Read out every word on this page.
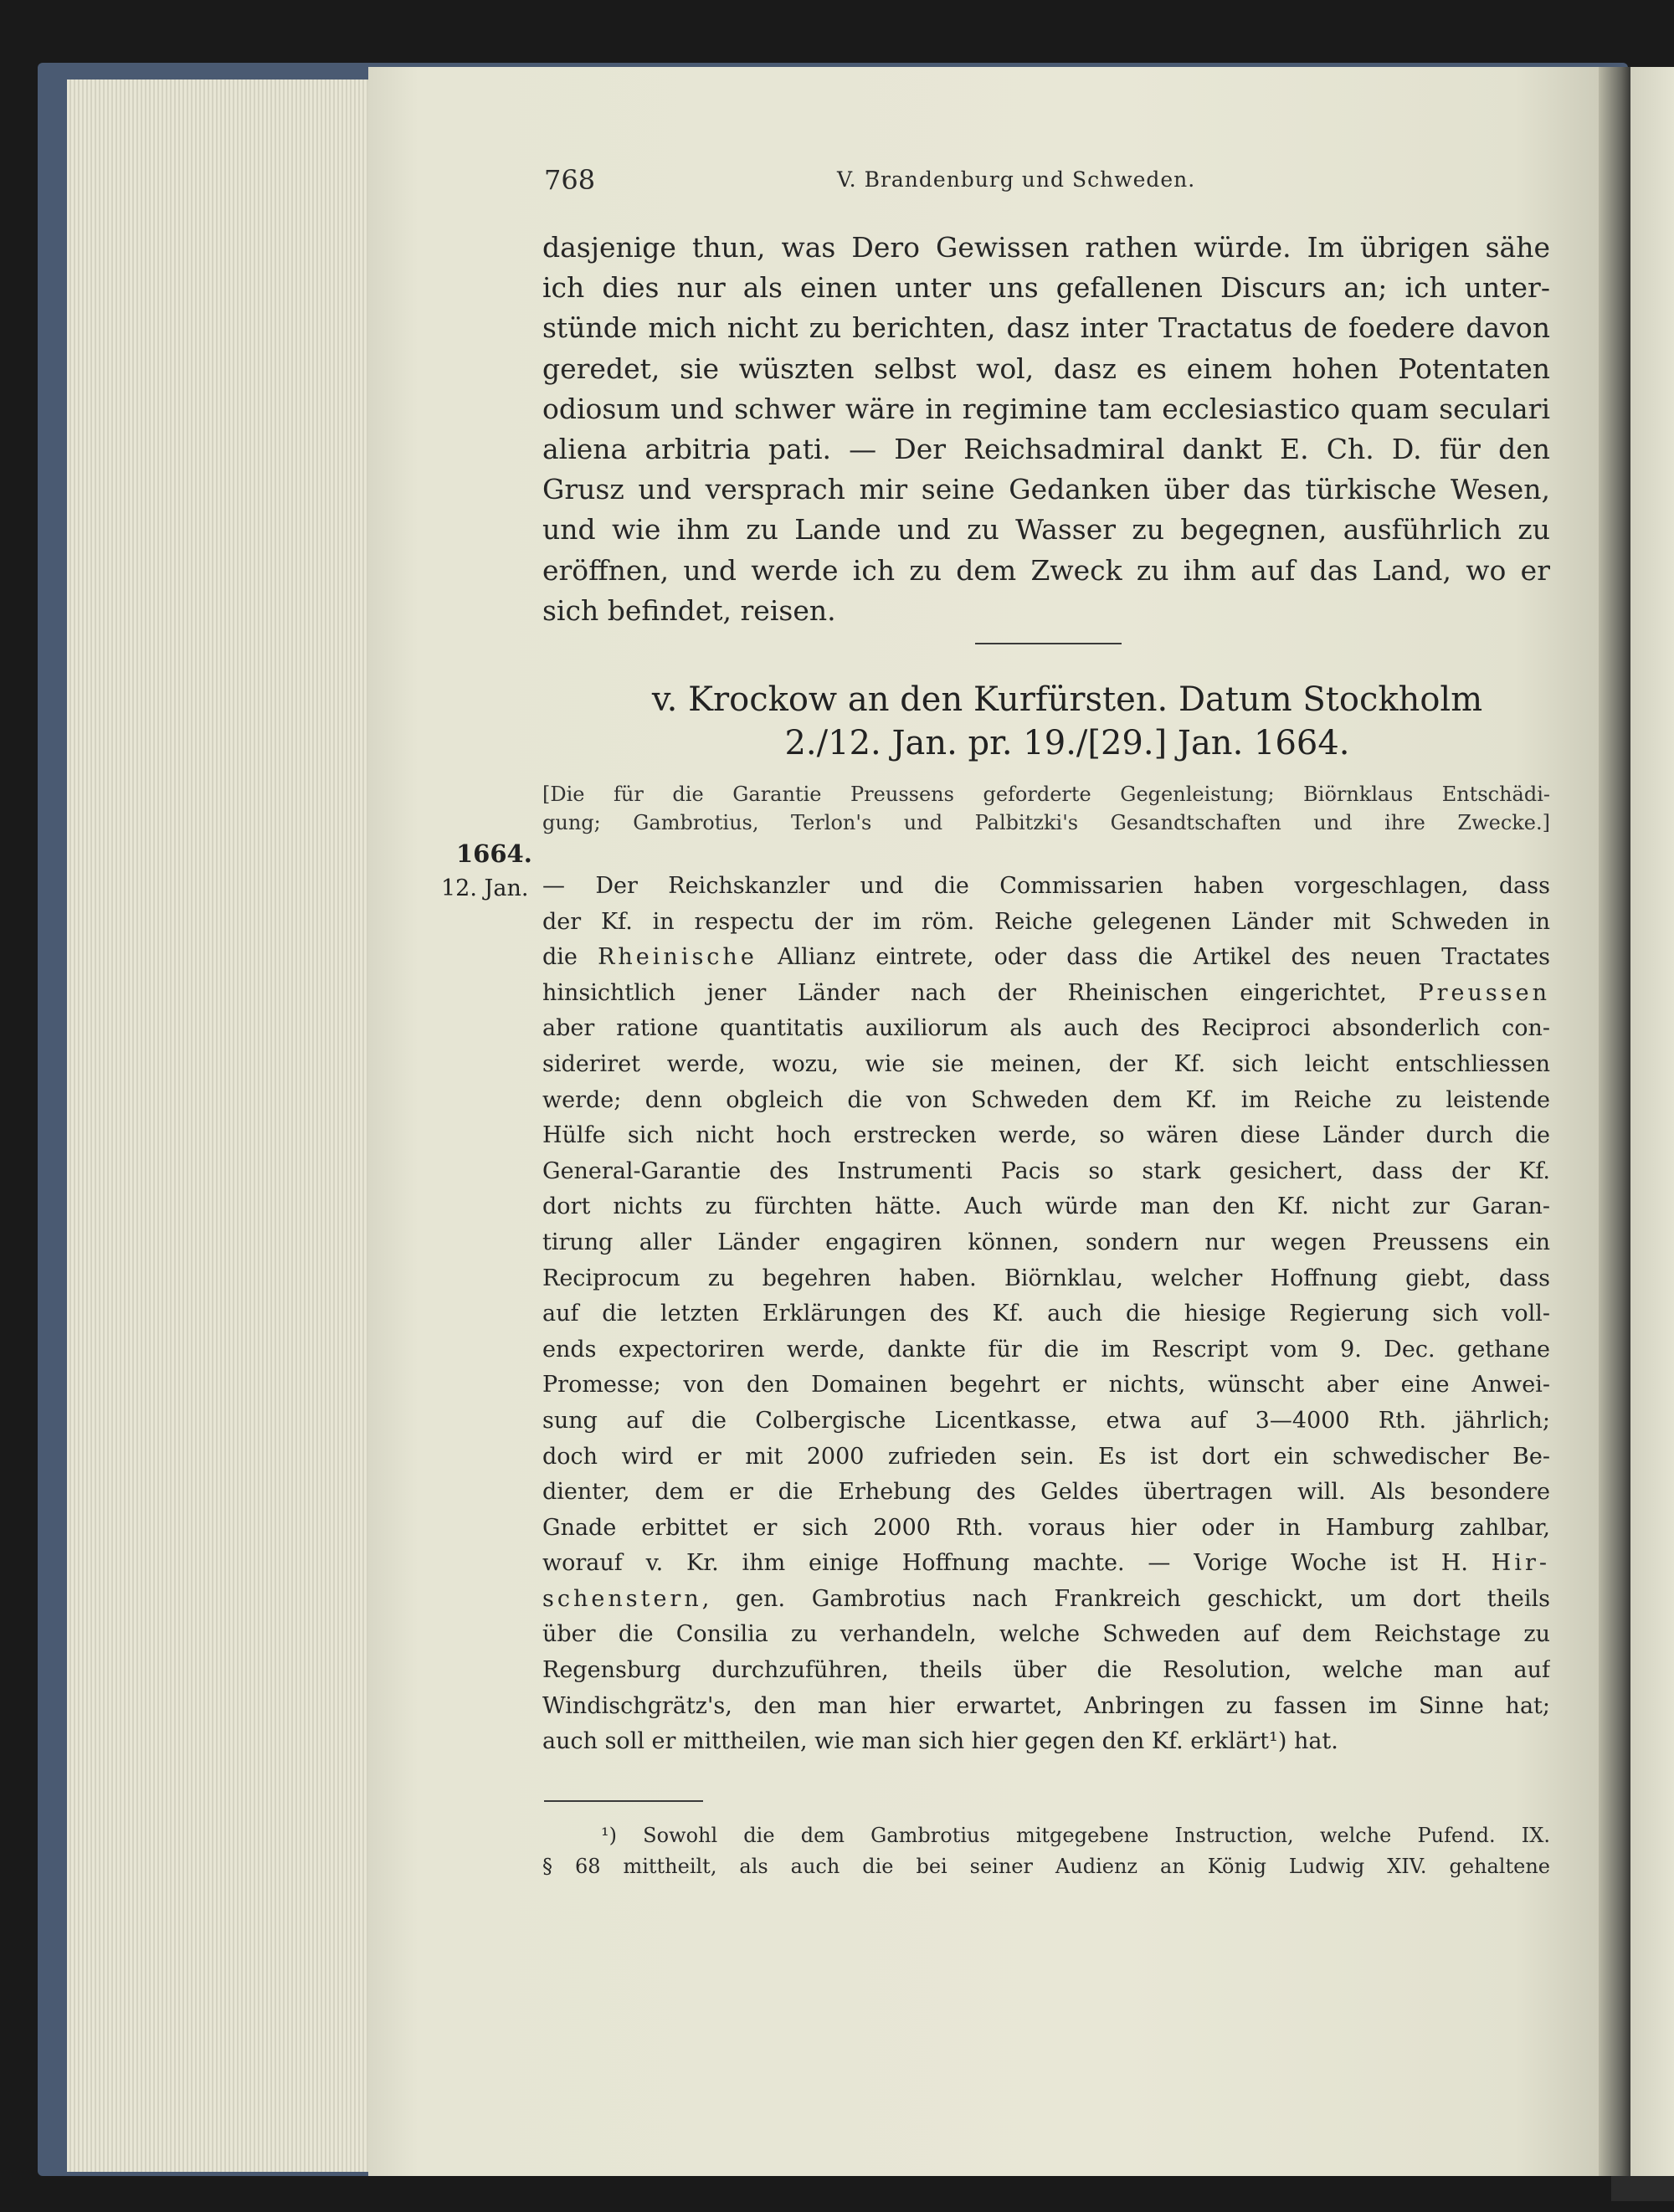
768	V. Brandenburg und Schweden.
dasjenige thun, was Dero Gewissen rathen würde. Im übrigen sähe
ich dies nur als einen unter uns gefallenen Discurs an; ich unter-
stünde mich nicht zu berichten, dasz inter Tractatus de foedere davon
geredet, sie wüszten selbst wol, dasz es einem hohen Potentaten
odiosum und schwer wäre in regimine tam ecclesiastico quam seculari
aliena arbitria pati. — Der Reichsadmiral dankt E. Ch. D. für den
Grusz und versprach mir seine Gedanken über das türkische Wesen,
und wie ihm zu Lande und zu Wasser zu begegnen, ausführlich zu
eröffnen, und werde ich zu dem Zweck zu ihm auf das Land, wo er
sich befindet, reisen.
v. Krockow an den Kurfürsten. Datum Stockholm
2./12. Jan. pr. 19./[29.] Jan. 1664.
[Die für die Garantie Preussens geforderte Gegenleistung; Biörnklaus Entschädi-
gung; Gambrotius, Terlon's und Palbitzki's Gesandtschaften und ihre Zwecke.]
1664.
12. Jan. — Der Reichskanzler und die Commissarien haben vorgeschlagen, dass
der Kf. in respectu der im röm. Reiche gelegenen Länder mit Schweden in
die Rheinische Allianz eintrete, oder dass die Artikel des neuen Tractates
hinsichtlich jener Länder nach der Rheinischen eingerichtet, Preussen
aber ratione quantitatis auxiliorum als auch des Reciproci absonderlich con-
sideriret werde, wozu, wie sie meinen, der Kf. sich leicht entschliessen
werde; denn obgleich die von Schweden dem Kf. im Reiche zu leistende
Hülfe sich nicht hoch erstrecken werde, so wären diese Länder durch die
General-Garantie des Instrumenti Pacis so stark gesichert, dass der Kf.
dort nichts zu fürchten hätte. Auch würde man den Kf. nicht zur Garan-
tirung aller Länder engagiren können, sondern nur wegen Preussens ein
Reciprocum zu begehren haben. Biörnklau, welcher Hoffnung giebt, dass
auf die letzten Erklärungen des Kf. auch die hiesige Regierung sich voll-
ends expectoriren werde, dankte für die im Rescript vom 9. Dec. gethane
Promesse; von den Domainen begehrt er nichts, wünscht aber eine Anwei-
sung auf die Colbergische Licentkasse, etwa auf 3—4000 Rth. jährlich;
doch wird er mit 2000 zufrieden sein. Es ist dort ein schwedischer Be-
dienter, dem er die Erhebung des Geldes übertragen will. Als besondere
Gnade erbittet er sich 2000 Rth. voraus hier oder in Hamburg zahlbar,
worauf v. Kr. ihm einige Hoffnung machte. — Vorige Woche ist H. Hir-
schenstern, gen. Gambrotius nach Frankreich geschickt, um dort theils
über die Consilia zu verhandeln, welche Schweden auf dem Reichstage zu
Regensburg durchzuführen, theils über die Resolution, welche man auf
Windischgrätz's, den man hier erwartet, Anbringen zu fassen im Sinne hat;
auch soll er mittheilen, wie man sich hier gegen den Kf. erklärt¹) hat.
¹) Sowohl die dem Gambrotius mitgegebene Instruction, welche Pufend. IX.
§ 68 mittheilt, als auch die bei seiner Audienz an König Ludwig XIV. gehaltene
